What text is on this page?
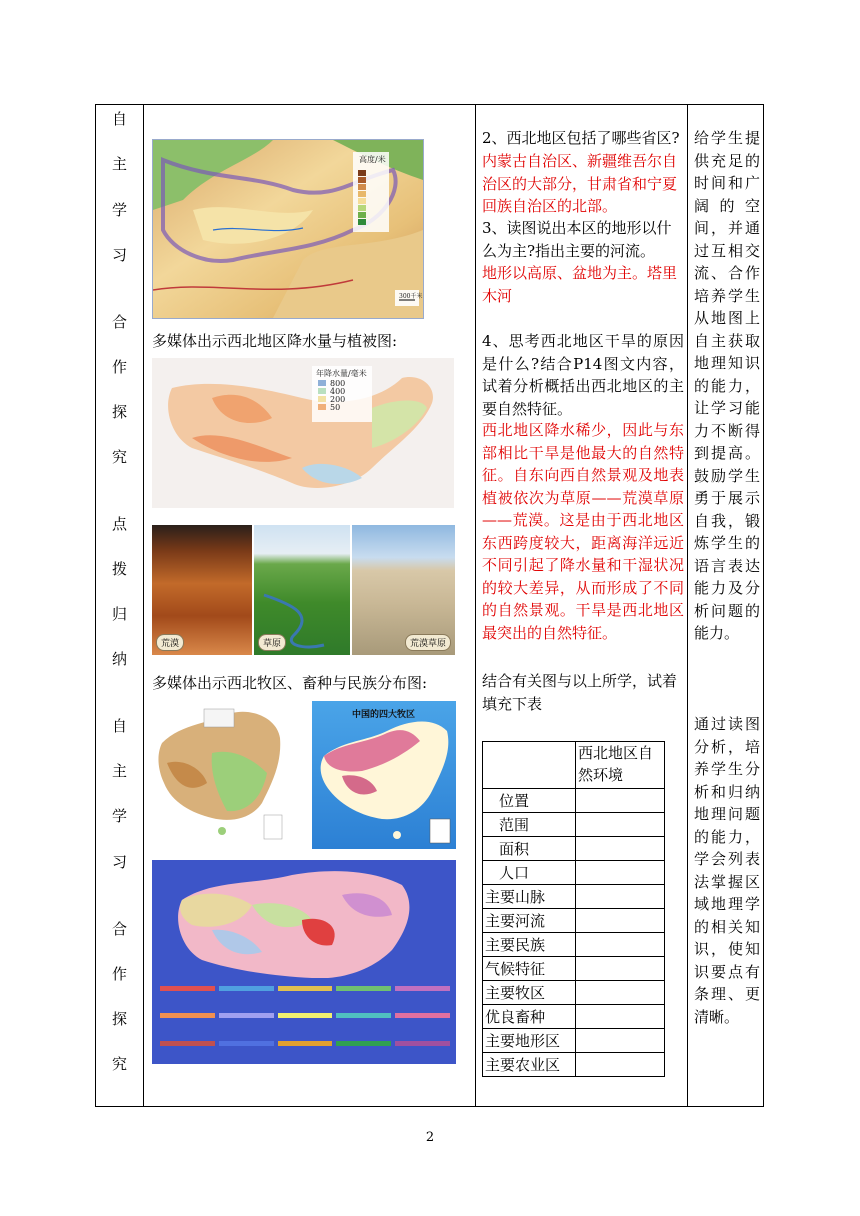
自
主
学
习
合
作
探
究
点
拨
归
纳
自
主
学
习
合
作
探
究
高度/米
300千米
多媒体出示西北地区降水量与植被图:
年降水量/毫米
800
400
200
50
荒漠	草原	荒漠草原
多媒体出示西北牧区、畜种与民族分布图:
中国的四大牧区
2、西北地区包括了哪些省区?
内蒙古自治区、新疆维吾尔自治区的大部分，甘肃省和宁夏回族自治区的北部。
3、读图说出本区的地形以什么为主?指出主要的河流。
地形以高原、盆地为主。塔里木河
4、思考西北地区干旱的原因是什么?结合P14图文内容，试着分析概括出西北地区的主要自然特征。
西北地区降水稀少，因此与东部相比干旱是他最大的自然特征。自东向西自然景观及地表植被依次为草原——荒漠草原——荒漠。这是由于西北地区东西跨度较大，距离海洋远近不同引起了降水量和干湿状况的较大差异，从而形成了不同的自然景观。干旱是西北地区最突出的自然特征。
结合有关图与以上所学，试着填充下表
	西北地区自然环境
位置	
范围	
面积	
人口	
主要山脉	
主要河流	
主要民族	
气候特征	
主要牧区	
优良畜种	
主要地形区	
主要农业区	
给学生提供充足的时间和广阔的空间，并通过互相交流、合作培养学生从地图上自主获取地理知识的能力，让学习能力不断得到提高。鼓励学生勇于展示自我，锻炼学生的语言表达能力及分析问题的能力。
通过读图分析，培养学生分析和归纳地理问题的能力，学会列表法掌握区域地理学的相关知识，使知识要点有条理、更清晰。
2
